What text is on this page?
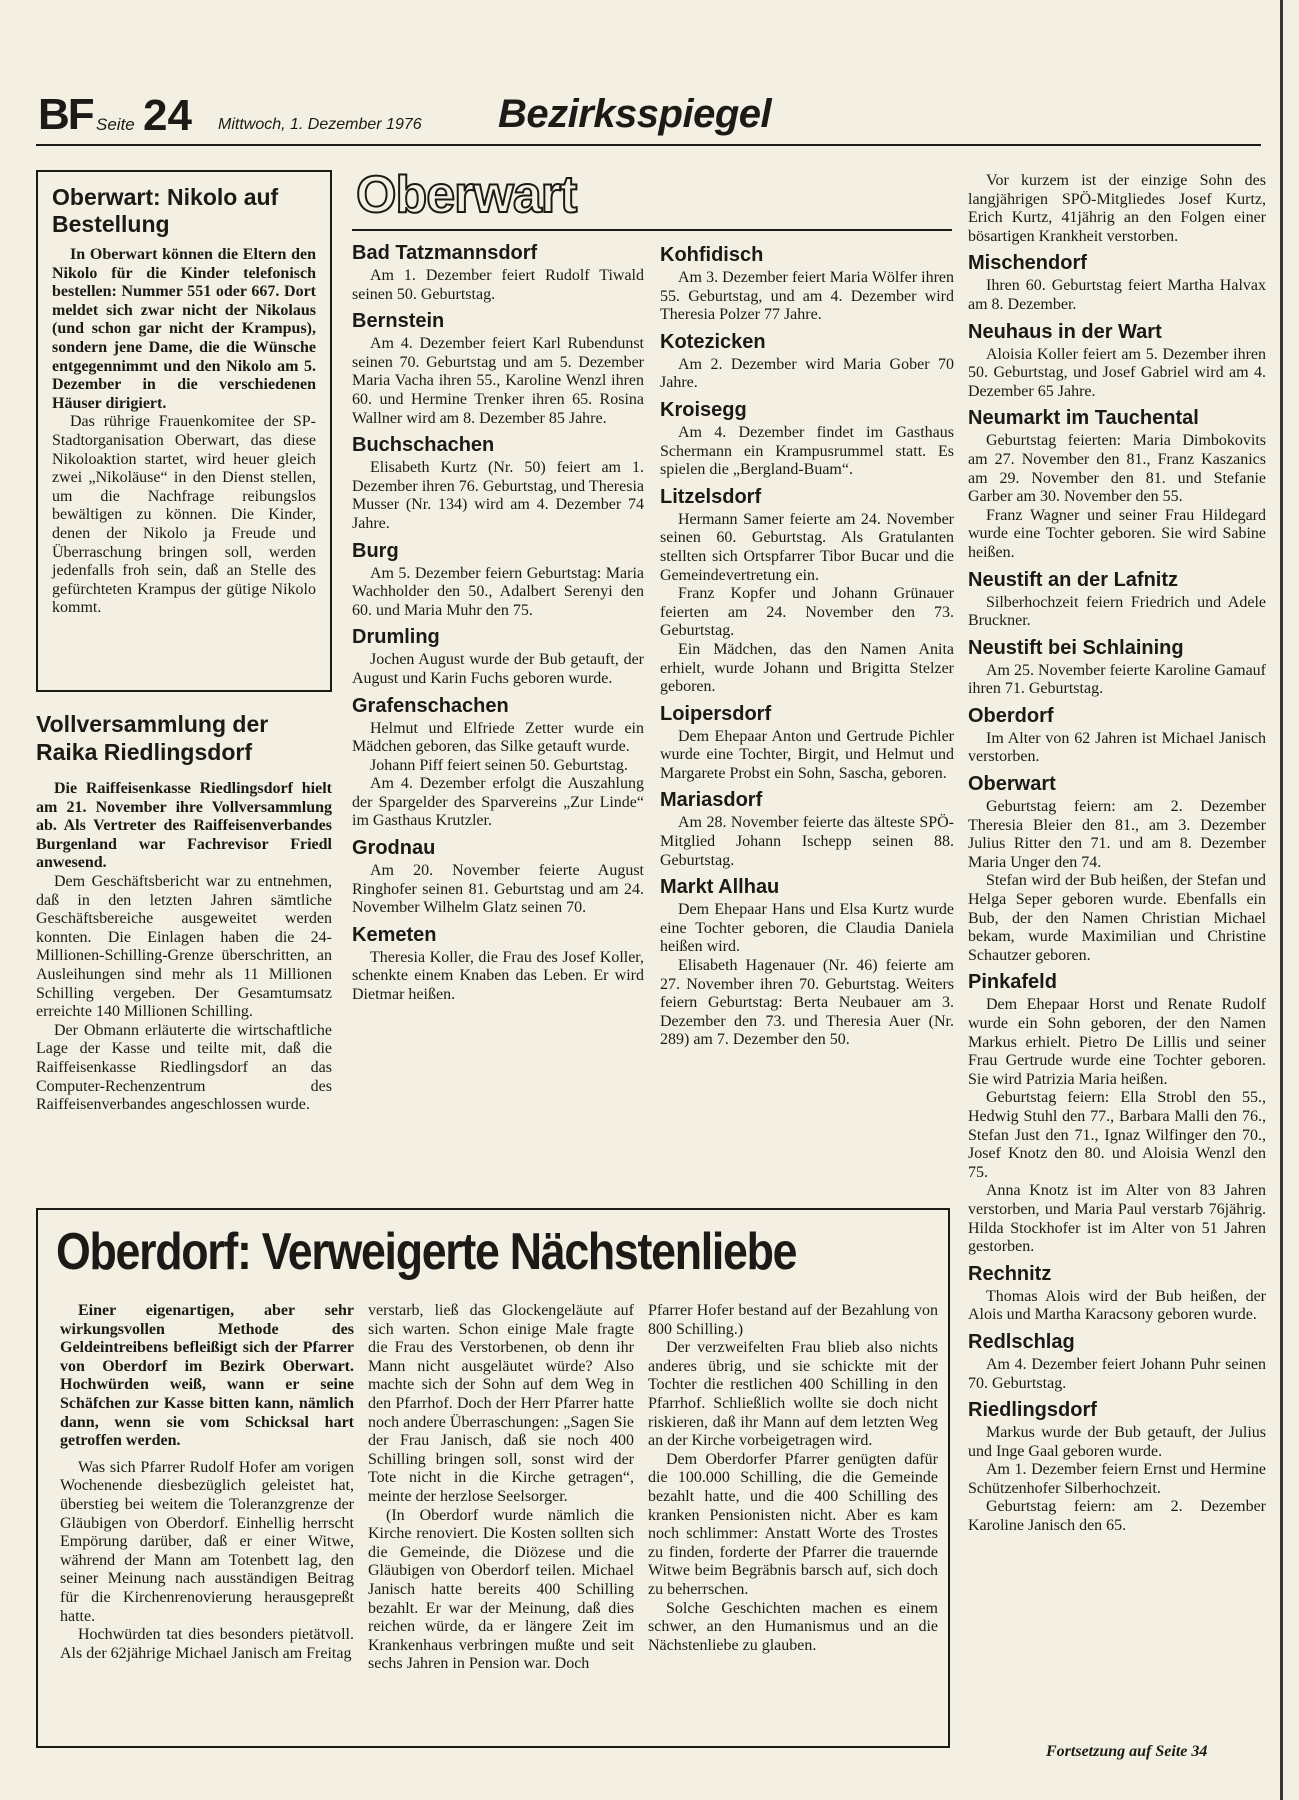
BF Seite 24 Mittwoch, 1. Dezember 1976 Bezirksspiegel
Oberwart: Nikolo auf Bestellung

In Oberwart können die Eltern den Nikolo für die Kinder telefonisch bestellen: Nummer 551 oder 667. Dort meldet sich zwar nicht der Nikolaus (und schon gar nicht der Krampus), sondern jene Dame, die die Wünsche entgegennimmt und den Nikolo am 5. Dezember in die verschiedenen Häuser dirigiert.

Das rührige Frauenkomitee der SP-Stadtorganisation Oberwart, das diese Nikoloaktion startet, wird heuer gleich zwei „Nikoläuse“ in den Dienst stellen, um die Nachfrage reibungslos bewältigen zu können. Die Kinder, denen der Nikolo ja Freude und Überraschung bringen soll, werden jedenfalls froh sein, daß an Stelle des gefürchteten Krampus der gütige Nikolo kommt.

Vollversammlung der Raika Riedlingsdorf

Die Raiffeisenkasse Riedlingsdorf hielt am 21. November ihre Vollversammlung ab. Als Vertreter des Raiffeisenverbandes Burgenland war Fachrevisor Friedl anwesend.

Dem Geschäftsbericht war zu entnehmen, daß in den letzten Jahren sämtliche Geschäftsbereiche ausgeweitet werden konnten. Die Einlagen haben die 24-Millionen-Schilling-Grenze überschritten, an Ausleihungen sind mehr als 11 Millionen Schilling vergeben. Der Gesamtumsatz erreichte 140 Millionen Schilling.

Der Obmann erläuterte die wirtschaftliche Lage der Kasse und teilte mit, daß die Raiffeisenkasse Riedlingsdorf an das Computer-Rechenzentrum des Raiffeisenverbandes angeschlossen wurde.

Oberwart
Bad Tatzmannsdorf

Am 1. Dezember feiert Rudolf Tiwald seinen 50. Geburtstag.

Bernstein

Am 4. Dezember feiert Karl Rubendunst seinen 70. Geburtstag und am 5. Dezember Maria Vacha ihren 55., Karoline Wenzl ihren 60. und Hermine Trenker ihren 65. Rosina Wallner wird am 8. Dezember 85 Jahre.

Buchschachen

Elisabeth Kurtz (Nr. 50) feiert am 1. Dezember ihren 76. Geburtstag, und Theresia Musser (Nr. 134) wird am 4. Dezember 74 Jahre.

Burg

Am 5. Dezember feiern Geburtstag: Maria Wachholder den 50., Adalbert Serenyi den 60. und Maria Muhr den 75.

Drumling

Jochen August wurde der Bub getauft, der August und Karin Fuchs geboren wurde.

Grafenschachen

Helmut und Elfriede Zetter wurde ein Mädchen geboren, das Silke getauft wurde.

Johann Piff feiert seinen 50. Geburtstag.

Am 4. Dezember erfolgt die Auszahlung der Spargelder des Sparvereins „Zur Linde“ im Gasthaus Krutzler.

Grodnau

Am 20. November feierte August Ringhofer seinen 81. Geburtstag und am 24. November Wilhelm Glatz seinen 70.

Kemeten

Theresia Koller, die Frau des Josef Koller, schenkte einem Knaben das Leben. Er wird Dietmar heißen.

Kohfidisch

Am 3. Dezember feiert Maria Wölfer ihren 55. Geburtstag, und am 4. Dezember wird Theresia Polzer 77 Jahre.

Kotezicken

Am 2. Dezember wird Maria Gober 70 Jahre.

Kroisegg

Am 4. Dezember findet im Gasthaus Schermann ein Krampusrummel statt. Es spielen die „Bergland-Buam“.

Litzelsdorf

Hermann Samer feierte am 24. November seinen 60. Geburtstag. Als Gratulanten stellten sich Ortspfarrer Tibor Bucar und die Gemeindevertretung ein.

Franz Kopfer und Johann Grünauer feierten am 24. November den 73. Geburtstag.

Ein Mädchen, das den Namen Anita erhielt, wurde Johann und Brigitta Stelzer geboren.

Loipersdorf

Dem Ehepaar Anton und Gertrude Pichler wurde eine Tochter, Birgit, und Helmut und Margarete Probst ein Sohn, Sascha, geboren.

Mariasdorf

Am 28. November feierte das älteste SPÖ-Mitglied Johann Ischepp seinen 88. Geburtstag.

Markt Allhau

Dem Ehepaar Hans und Elsa Kurtz wurde eine Tochter geboren, die Claudia Daniela heißen wird.

Elisabeth Hagenauer (Nr. 46) feierte am 27. November ihren 70. Geburtstag. Weiters feiern Geburtstag: Berta Neubauer am 3. Dezember den 73. und Theresia Auer (Nr. 289) am 7. Dezember den 50.

Vor kurzem ist der einzige Sohn des langjährigen SPÖ-Mitgliedes Josef Kurtz, Erich Kurtz, 41jährig an den Folgen einer bösartigen Krankheit verstorben.

Mischendorf

Ihren 60. Geburtstag feiert Martha Halvax am 8. Dezember.

Neuhaus in der Wart

Aloisia Koller feiert am 5. Dezember ihren 50. Geburtstag, und Josef Gabriel wird am 4. Dezember 65 Jahre.

Neumarkt im Tauchental

Geburtstag feierten: Maria Dimbokovits am 27. November den 81., Franz Kaszanics am 29. November den 81. und Stefanie Garber am 30. November den 55.

Franz Wagner und seiner Frau Hildegard wurde eine Tochter geboren. Sie wird Sabine heißen.

Neustift an der Lafnitz

Silberhochzeit feiern Friedrich und Adele Bruckner.

Neustift bei Schlaining

Am 25. November feierte Karoline Gamauf ihren 71. Geburtstag.

Oberdorf

Im Alter von 62 Jahren ist Michael Janisch verstorben.

Oberwart

Geburtstag feiern: am 2. Dezember Theresia Bleier den 81., am 3. Dezember Julius Ritter den 71. und am 8. Dezember Maria Unger den 74.

Stefan wird der Bub heißen, der Stefan und Helga Seper geboren wurde. Ebenfalls ein Bub, der den Namen Christian Michael bekam, wurde Maximilian und Christine Schautzer geboren.

Pinkafeld

Dem Ehepaar Horst und Renate Rudolf wurde ein Sohn geboren, der den Namen Markus erhielt. Pietro De Lillis und seiner Frau Gertrude wurde eine Tochter geboren. Sie wird Patrizia Maria heißen.

Geburtstag feiern: Ella Strobl den 55., Hedwig Stuhl den 77., Barbara Malli den 76., Stefan Just den 71., Ignaz Wilfinger den 70., Josef Knotz den 80. und Aloisia Wenzl den 75.

Anna Knotz ist im Alter von 83 Jahren verstorben, und Maria Paul verstarb 76jährig. Hilda Stockhofer ist im Alter von 51 Jahren gestorben.

Rechnitz

Thomas Alois wird der Bub heißen, der Alois und Martha Karacsony geboren wurde.

Redlschlag

Am 4. Dezember feiert Johann Puhr seinen 70. Geburtstag.

Riedlingsdorf

Markus wurde der Bub getauft, der Julius und Inge Gaal geboren wurde.

Am 1. Dezember feiern Ernst und Hermine Schützenhofer Silberhochzeit.

Geburtstag feiern: am 2. Dezember Karoline Janisch den 65.

Oberdorf: Verweigerte Nächstenliebe

Einer eigenartigen, aber sehr wirkungsvollen Methode des Geldeintreibens befleißigt sich der Pfarrer von Oberdorf im Bezirk Oberwart. Hochwürden weiß, wann er seine Schäfchen zur Kasse bitten kann, nämlich dann, wenn sie vom Schicksal hart getroffen werden.

Was sich Pfarrer Rudolf Hofer am vorigen Wochenende diesbezüglich geleistet hat, überstieg bei weitem die Toleranzgrenze der Gläubigen von Oberdorf. Einhellig herrscht Empörung darüber, daß er einer Witwe, während der Mann am Totenbett lag, den seiner Meinung nach ausständigen Beitrag für die Kirchenrenovierung herausgepreßt hatte.

Hochwürden tat dies besonders pietätvoll. Als der 62jährige Michael Janisch am Freitag

verstarb, ließ das Glockengeläute auf sich warten. Schon einige Male fragte die Frau des Verstorbenen, ob denn ihr Mann nicht ausgeläutet würde? Also machte sich der Sohn auf dem Weg in den Pfarrhof. Doch der Herr Pfarrer hatte noch andere Überraschungen: „Sagen Sie der Frau Janisch, daß sie noch 400 Schilling bringen soll, sonst wird der Tote nicht in die Kirche getragen“, meinte der herzlose Seelsorger.

(In Oberdorf wurde nämlich die Kirche renoviert. Die Kosten sollten sich die Gemeinde, die Diözese und die Gläubigen von Oberdorf teilen. Michael Janisch hatte bereits 400 Schilling bezahlt. Er war der Meinung, daß dies reichen würde, da er längere Zeit im Krankenhaus verbringen mußte und seit sechs Jahren in Pension war. Doch

Pfarrer Hofer bestand auf der Bezahlung von 800 Schilling.)

Der verzweifelten Frau blieb also nichts anderes übrig, und sie schickte mit der Tochter die restlichen 400 Schilling in den Pfarrhof. Schließlich wollte sie doch nicht riskieren, daß ihr Mann auf dem letzten Weg an der Kirche vorbeigetragen wird.

Dem Oberdorfer Pfarrer genügten dafür die 100.000 Schilling, die die Gemeinde bezahlt hatte, und die 400 Schilling des kranken Pensionisten nicht. Aber es kam noch schlimmer: Anstatt Worte des Trostes zu finden, forderte der Pfarrer die trauernde Witwe beim Begräbnis barsch auf, sich doch zu beherrschen.

Solche Geschichten machen es einem schwer, an den Humanismus und an die Nächstenliebe zu glauben.

Fortsetzung auf Seite 34
